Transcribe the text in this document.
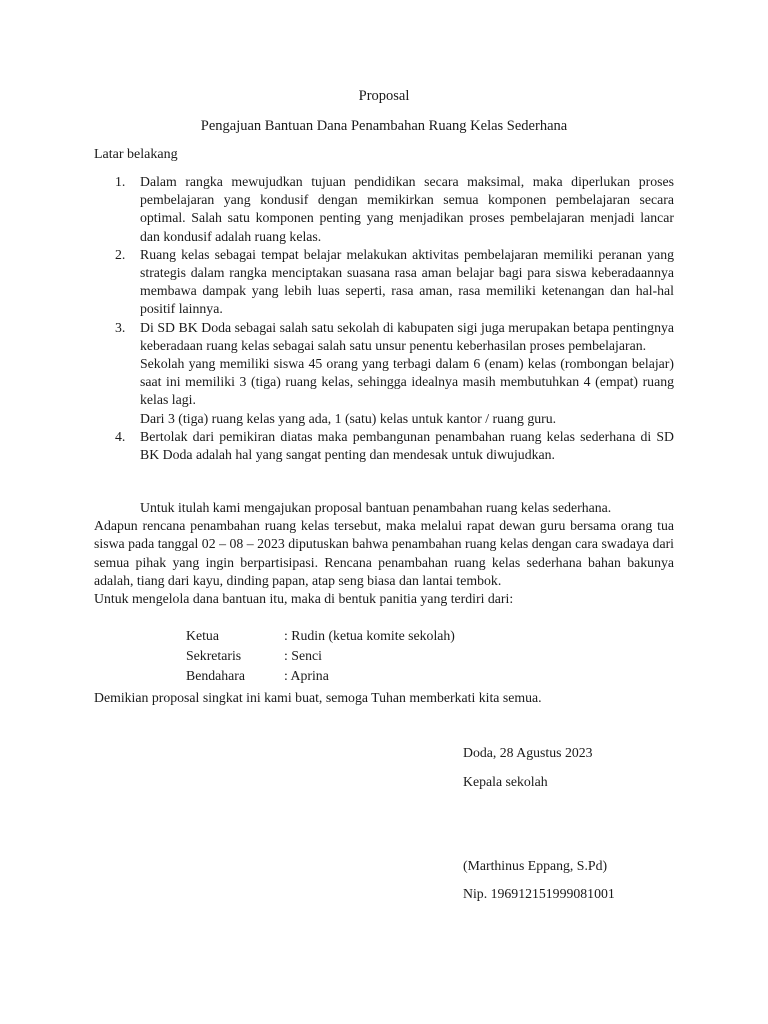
Proposal
Pengajuan Bantuan Dana Penambahan Ruang Kelas Sederhana
Latar belakang
1. Dalam rangka mewujudkan tujuan pendidikan secara maksimal, maka diperlukan proses pembelajaran yang kondusif dengan memikirkan semua komponen pembelajaran secara optimal. Salah satu komponen penting yang menjadikan proses pembelajaran menjadi lancar dan kondusif adalah ruang kelas.

2. Ruang kelas sebagai tempat belajar melakukan aktivitas pembelajaran memiliki peranan yang strategis dalam rangka menciptakan suasana rasa aman belajar bagi para siswa keberadaannya membawa dampak yang lebih luas seperti, rasa aman, rasa memiliki ketenangan dan hal-hal positif lainnya.

3. Di SD BK Doda sebagai salah satu sekolah di kabupaten sigi juga merupakan betapa pentingnya keberadaan ruang kelas sebagai salah satu unsur penentu keberhasilan proses pembelajaran.

Sekolah yang memiliki siswa 45 orang yang terbagi dalam 6 (enam) kelas (rombongan belajar) saat ini memiliki 3 (tiga) ruang kelas, sehingga idealnya masih membutuhkan 4 (empat) ruang kelas lagi.

Dari 3 (tiga) ruang kelas yang ada, 1 (satu) kelas untuk kantor / ruang guru.

4. Bertolak dari pemikiran diatas maka pembangunan penambahan ruang kelas sederhana di SD BK Doda adalah hal yang sangat penting dan mendesak untuk diwujudkan.

Untuk itulah kami mengajukan proposal bantuan penambahan ruang kelas sederhana.

Adapun rencana penambahan ruang kelas tersebut, maka melalui rapat dewan guru bersama orang tua siswa pada tanggal 02 – 08 – 2023 diputuskan bahwa penambahan ruang kelas dengan cara swadaya dari semua pihak yang ingin berpartisipasi. Rencana penambahan ruang kelas sederhana bahan bakunya adalah, tiang dari kayu, dinding papan, atap seng biasa dan lantai tembok.

Untuk mengelola dana bantuan itu, maka di bentuk panitia yang terdiri dari:

Ketua	: Rudin (ketua komite sekolah)
Sekretaris	: Senci
Bendahara	: Aprina
Demikian proposal singkat ini kami buat, semoga Tuhan memberkati kita semua.
Doda, 28 Agustus 2023
Kepala sekolah
(Marthinus Eppang, S.Pd)
Nip. 196912151999081001
